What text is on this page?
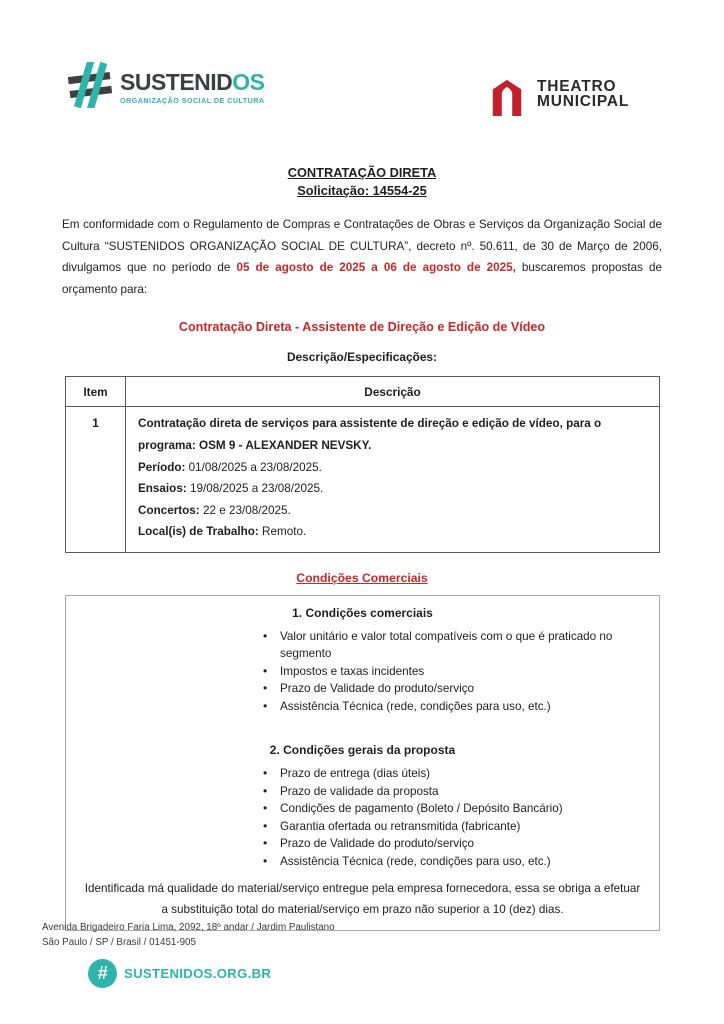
SUSTENIDOS
ORGANIZAÇÃO SOCIAL DE CULTURA
THEATRO
MUNICIPAL
CONTRATAÇÃO DIRETA
Solicitação: 14554-25

Em conformidade com o Regulamento de Compras e Contratações de Obras e Serviços da Organização Social de Cultura “SUSTENIDOS ORGANIZAÇÃO SOCIAL DE CULTURA”, decreto nº. 50.611, de 30 de Março de 2006, divulgamos que no período de 05 de agosto de 2025 a 06 de agosto de 2025, buscaremos propostas de orçamento para:

Contratação Direta - Assistente de Direção e Edição de Vídeo
Descrição/Especificações:
Item	Descrição
1	Contratação direta de serviços para assistente de direção e edição de vídeo, para o programa: OSM 9 - ALEXANDER NEVSKY.

Período: 01/08/2025 a 23/08/2025.

Ensaios: 19/08/2025 a 23/08/2025.

Concertos: 22 e 23/08/2025.

Local(is) de Trabalho: Remoto.

Condições Comerciais
1. Condições comerciais
• Valor unitário e valor total compatíveis com o que é praticado no segmento
• Impostos e taxas incidentes
• Prazo de Validade do produto/serviço
• Assistência Técnica (rede, condições para uso, etc.)
2. Condições gerais da proposta
• Prazo de entrega (dias úteis)
• Prazo de validade da proposta
• Condições de pagamento (Boleto / Depósito Bancário)
• Garantia ofertada ou retransmitida (fabricante)
• Prazo de Validade do produto/serviço
• Assistência Técnica (rede, condições para uso, etc.)

Identificada má qualidade do material/serviço entregue pela empresa fornecedora, essa se obriga a efetuar a substituição total do material/serviço em prazo não superior a 10 (dez) dias.

Avenida Brigadeiro Faria Lima, 2092, 18º andar / Jardim Paulistano
São Paulo / SP / Brasil / 01451-905
#	SUSTENIDOS.ORG.BR
